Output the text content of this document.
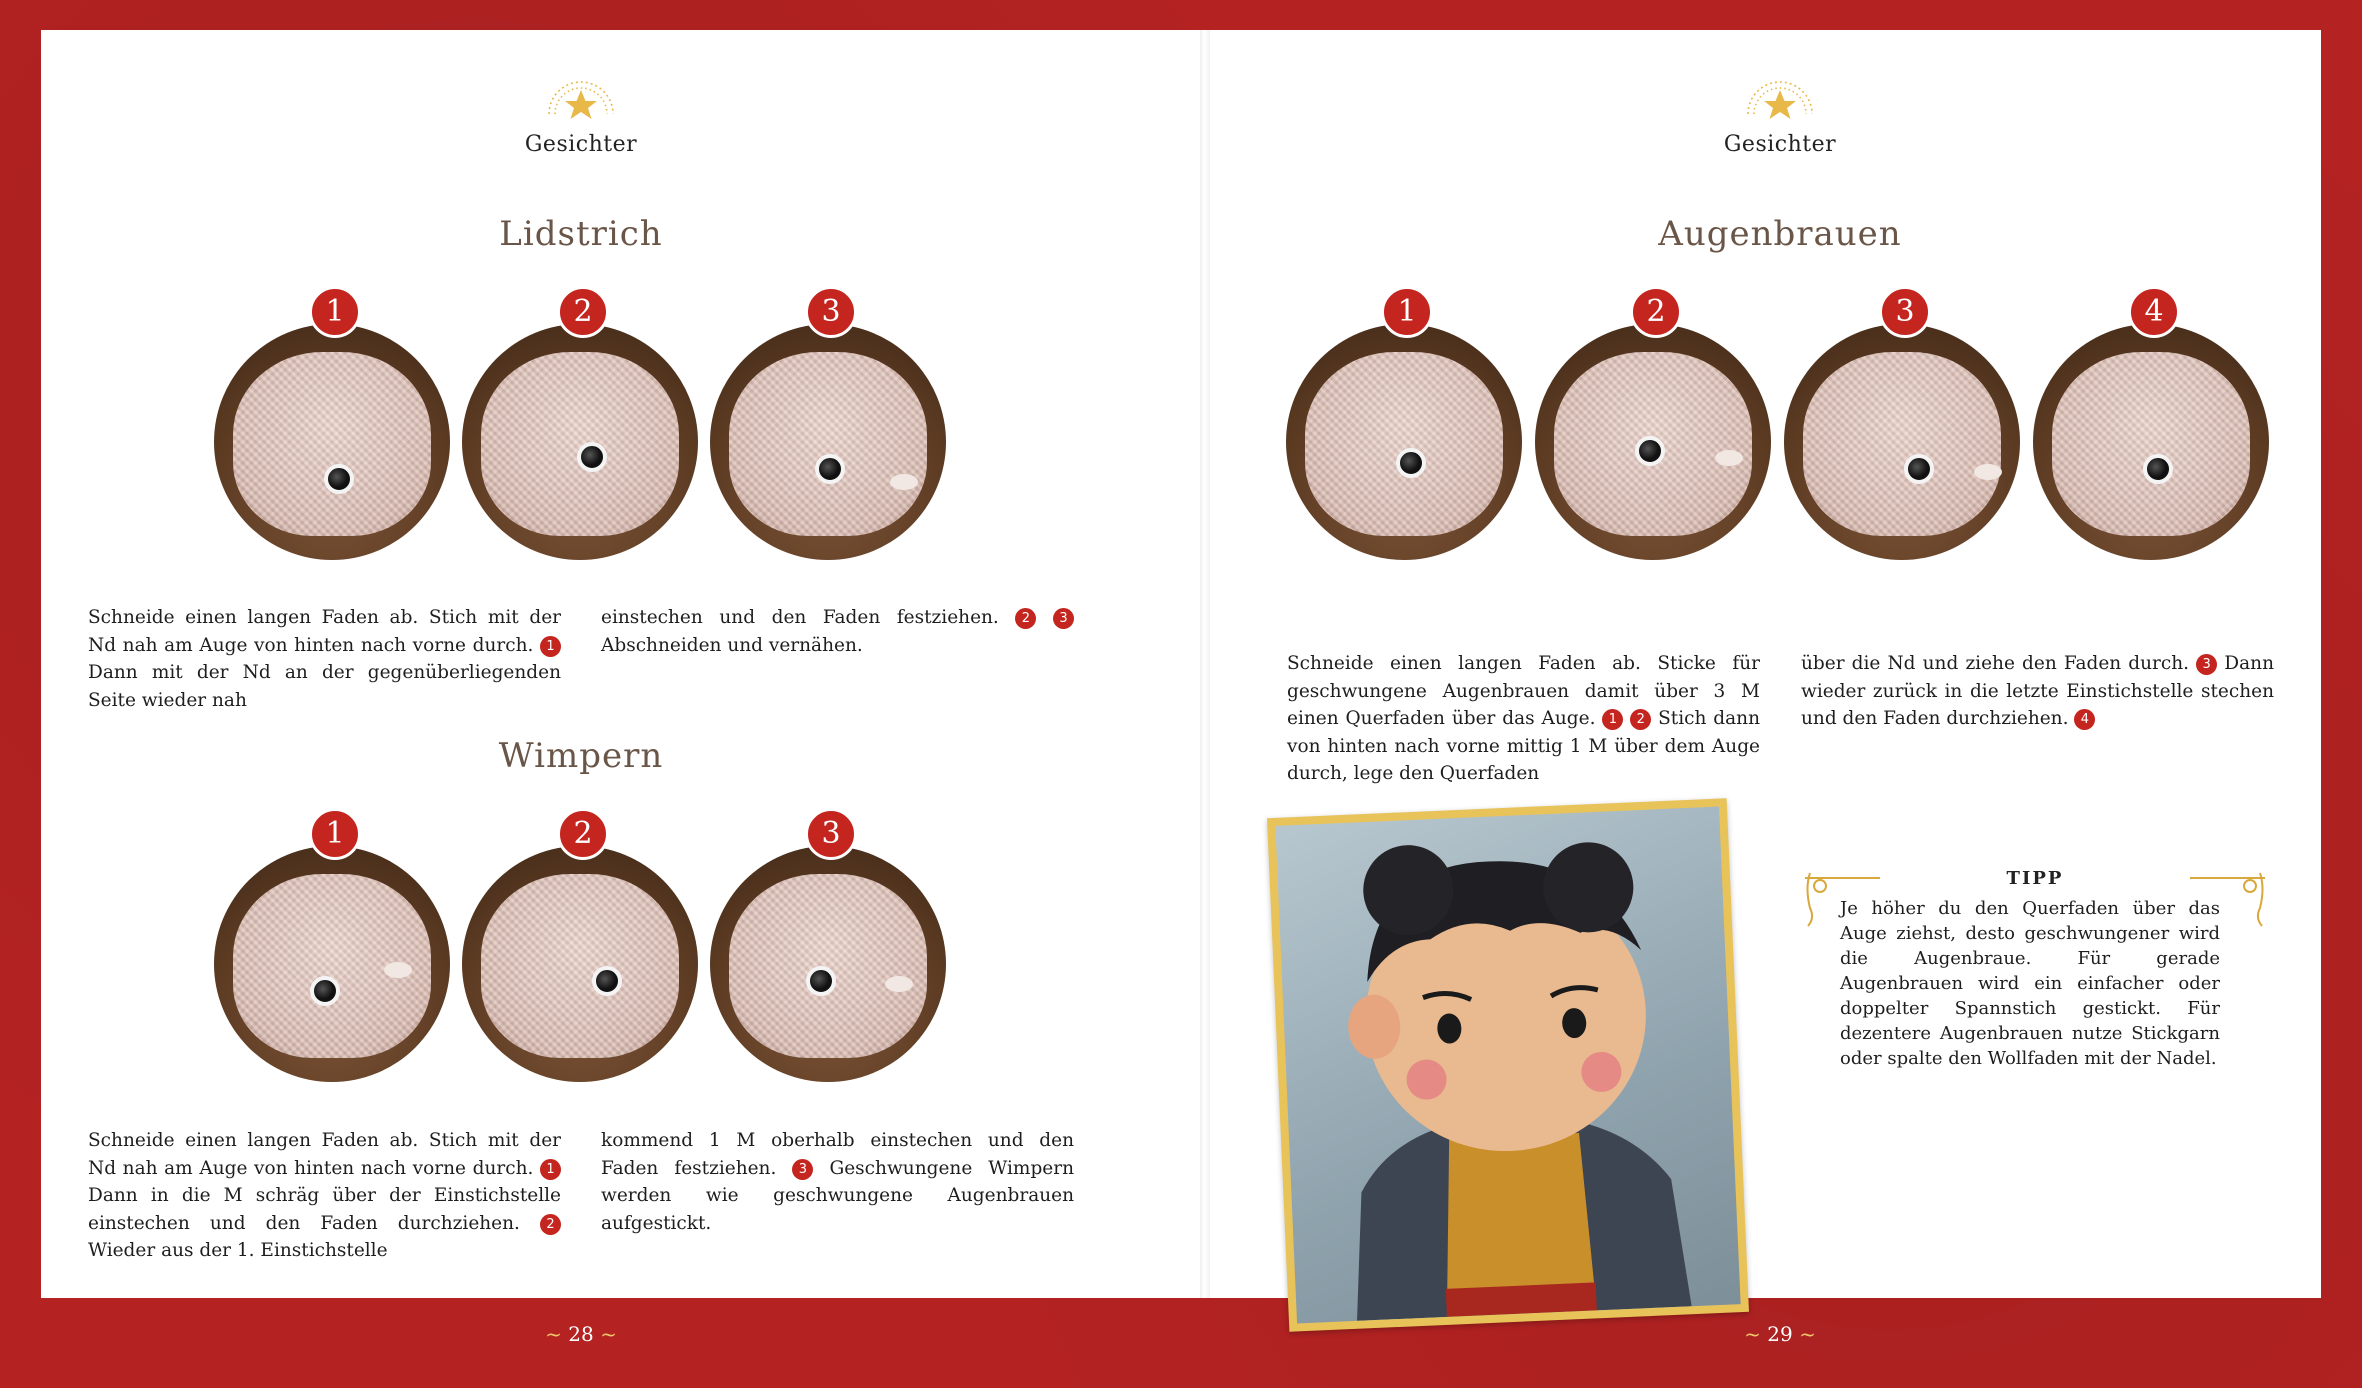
Gesichter	Gesichter
Lidstrich
1	2	3
Schneide einen langen Faden ab. Stich mit der Nd nah am Auge von hinten nach vorne durch. 1 Dann mit der Nd an der gegenüberliegenden Seite wieder nah
einstechen und den Faden festziehen. 2 3 Abschneiden und vernähen.
Wimpern
1	2	3
Schneide einen langen Faden ab. Stich mit der Nd nah am Auge von hinten nach vorne durch. 1 Dann in die M schräg über der Einstichstelle einstechen und den Faden durchziehen. 2 Wieder aus der 1. Einstichstelle
kommend 1 M oberhalb einstechen und den Faden festziehen. 3 Geschwungene Wimpern werden wie geschwungene Augenbrauen aufgestickt.
Augenbrauen
1	2	3	4
Schneide einen langen Faden ab. Sticke für geschwungene Augenbrauen damit über 3 M einen Querfaden über das Auge. 1 2 Stich dann von hinten nach vorne mittig 1 M über dem Auge durch, lege den Querfaden
über die Nd und ziehe den Faden durch. 3 Dann wieder zurück in die letzte Einstichstelle stechen und den Faden durchziehen. 4
TIPP
Je höher du den Querfaden über das Auge ziehst, desto geschwungener wird die Augenbraue. Für gerade Augenbrauen wird ein einfacher oder doppelter Spannstich gestickt. Für dezentere Augenbrauen nutze Stickgarn oder spalte den Wollfaden mit der Nadel.
~ 28 ~	~ 29 ~
